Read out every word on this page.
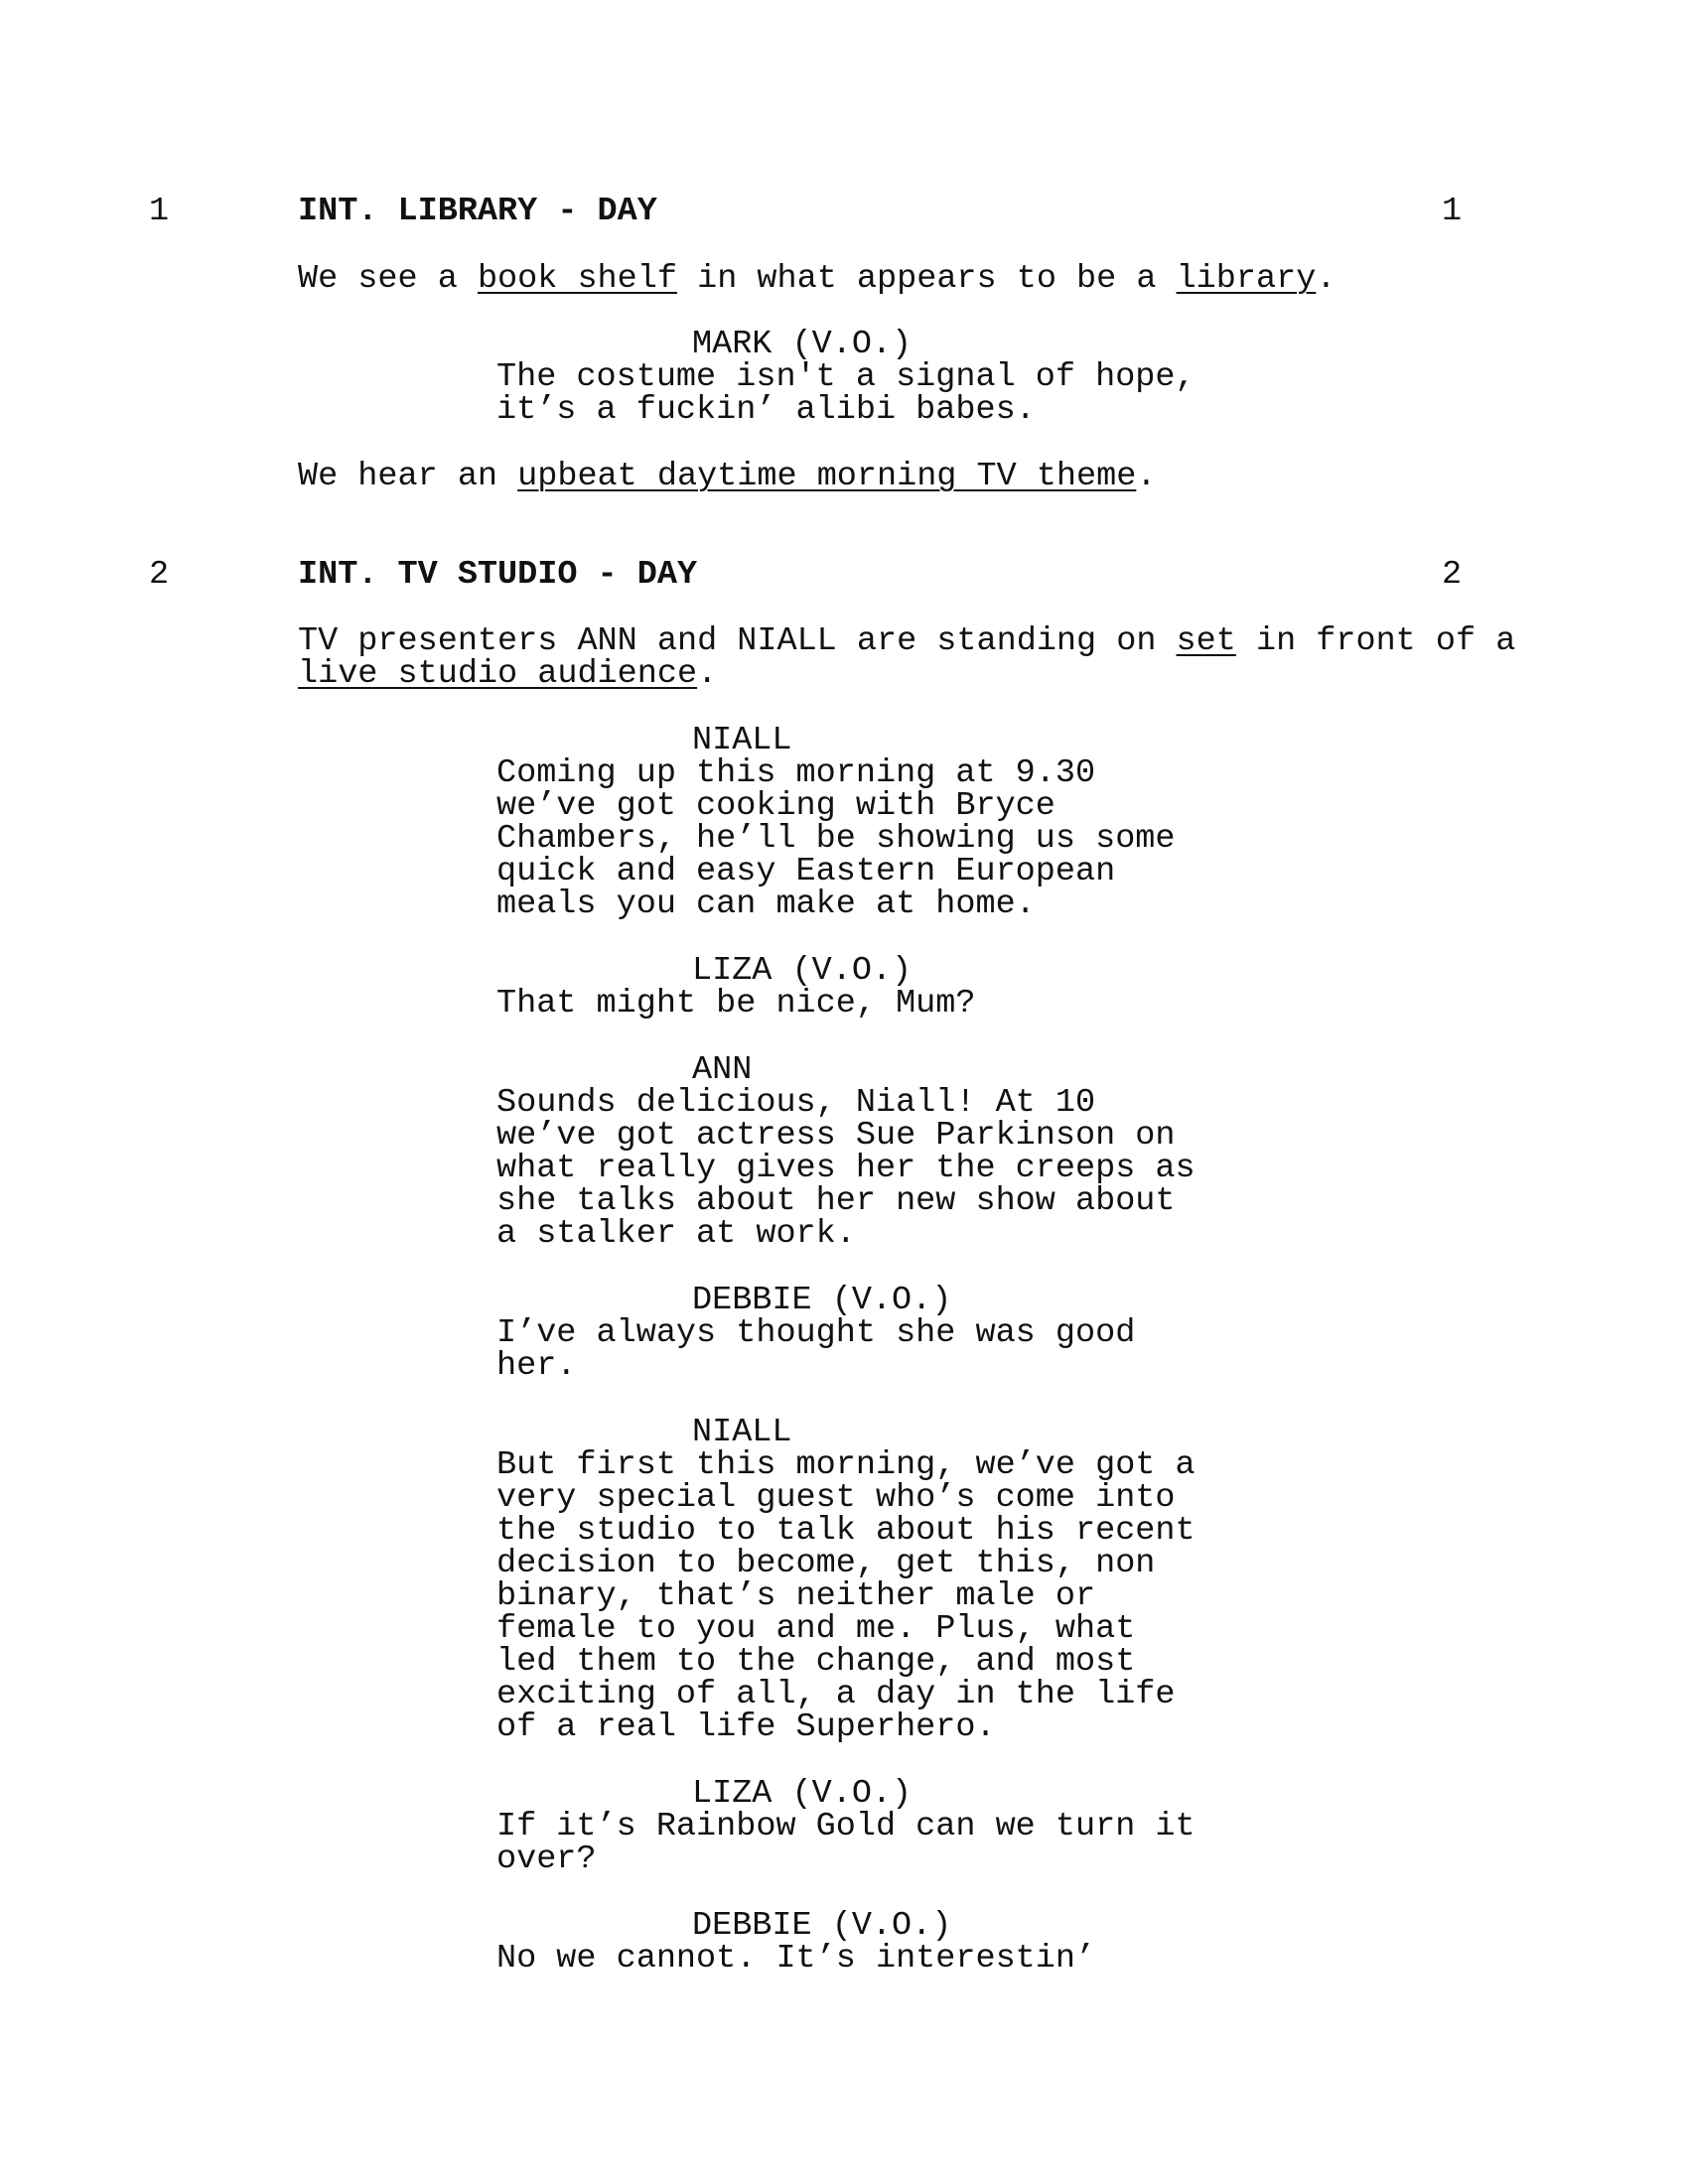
1	INT. LIBRARY - DAY	1
We see a book shelf in what appears to be a library.
MARK (V.O.)
The costume isn't a signal of hope,
it’s a fuckin’ alibi babes.
We hear an upbeat daytime morning TV theme.
2	INT. TV STUDIO - DAY	2
TV presenters ANN and NIALL are standing on set in front of a
live studio audience.
NIALL
Coming up this morning at 9.30
we’ve got cooking with Bryce
Chambers, he’ll be showing us some
quick and easy Eastern European
meals you can make at home.
LIZA (V.O.)
That might be nice, Mum?
ANN
Sounds delicious, Niall! At 10
we’ve got actress Sue Parkinson on
what really gives her the creeps as
she talks about her new show about
a stalker at work.
DEBBIE (V.O.)
I’ve always thought she was good
her.
NIALL
But first this morning, we’ve got a
very special guest who’s come into
the studio to talk about his recent
decision to become, get this, non
binary, that’s neither male or
female to you and me. Plus, what
led them to the change, and most
exciting of all, a day in the life
of a real life Superhero.
LIZA (V.O.)
If it’s Rainbow Gold can we turn it
over?
DEBBIE (V.O.)
No we cannot. It’s interestin’
